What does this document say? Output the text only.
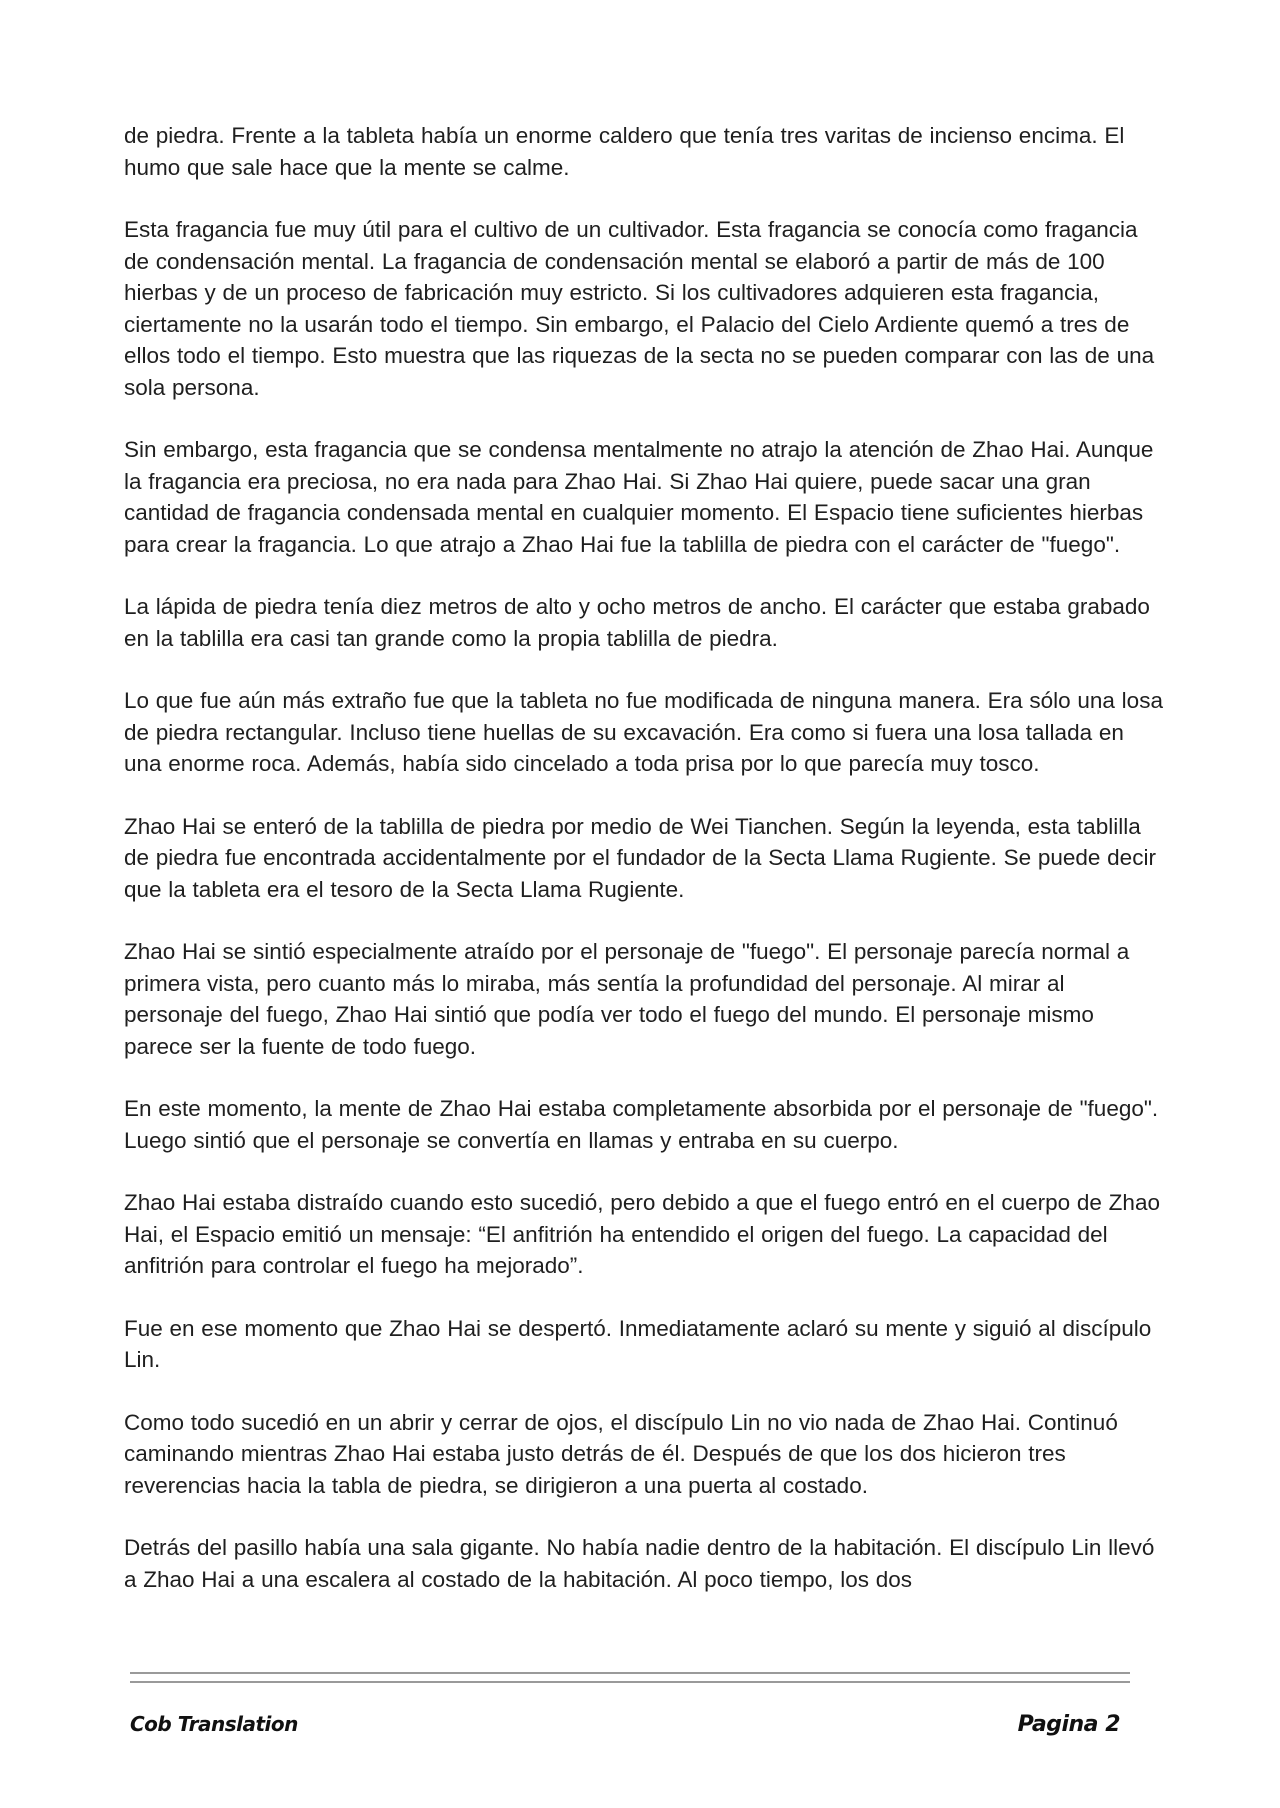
de piedra. Frente a la tableta había un enorme caldero que tenía tres varitas de incienso encima. El humo que sale hace que la mente se calme.

Esta fragancia fue muy útil para el cultivo de un cultivador. Esta fragancia se conocía como fragancia de condensación mental. La fragancia de condensación mental se elaboró a partir de más de 100 hierbas y de un proceso de fabricación muy estricto. Si los cultivadores adquieren esta fragancia, ciertamente no la usarán todo el tiempo. Sin embargo, el Palacio del Cielo Ardiente quemó a tres de ellos todo el tiempo. Esto muestra que las riquezas de la secta no se pueden comparar con las de una sola persona.

Sin embargo, esta fragancia que se condensa mentalmente no atrajo la atención de Zhao Hai. Aunque la fragancia era preciosa, no era nada para Zhao Hai. Si Zhao Hai quiere, puede sacar una gran cantidad de fragancia condensada mental en cualquier momento. El Espacio tiene suficientes hierbas para crear la fragancia. Lo que atrajo a Zhao Hai fue la tablilla de piedra con el carácter de "fuego".

La lápida de piedra tenía diez metros de alto y ocho metros de ancho. El carácter que estaba grabado en la tablilla era casi tan grande como la propia tablilla de piedra.

Lo que fue aún más extraño fue que la tableta no fue modificada de ninguna manera. Era sólo una losa de piedra rectangular. Incluso tiene huellas de su excavación. Era como si fuera una losa tallada en una enorme roca. Además, había sido cincelado a toda prisa por lo que parecía muy tosco.

Zhao Hai se enteró de la tablilla de piedra por medio de Wei Tianchen. Según la leyenda, esta tablilla de piedra fue encontrada accidentalmente por el fundador de la Secta Llama Rugiente. Se puede decir que la tableta era el tesoro de la Secta Llama Rugiente.

Zhao Hai se sintió especialmente atraído por el personaje de "fuego". El personaje parecía normal a primera vista, pero cuanto más lo miraba, más sentía la profundidad del personaje. Al mirar al personaje del fuego, Zhao Hai sintió que podía ver todo el fuego del mundo. El personaje mismo parece ser la fuente de todo fuego.

En este momento, la mente de Zhao Hai estaba completamente absorbida por el personaje de "fuego". Luego sintió que el personaje se convertía en llamas y entraba en su cuerpo.

Zhao Hai estaba distraído cuando esto sucedió, pero debido a que el fuego entró en el cuerpo de Zhao Hai, el Espacio emitió un mensaje: “El anfitrión ha entendido el origen del fuego. La capacidad del anfitrión para controlar el fuego ha mejorado”.

Fue en ese momento que Zhao Hai se despertó. Inmediatamente aclaró su mente y siguió al discípulo Lin.

Como todo sucedió en un abrir y cerrar de ojos, el discípulo Lin no vio nada de Zhao Hai. Continuó caminando mientras Zhao Hai estaba justo detrás de él. Después de que los dos hicieron tres reverencias hacia la tabla de piedra, se dirigieron a una puerta al costado.

Detrás del pasillo había una sala gigante. No había nadie dentro de la habitación. El discípulo Lin llevó a Zhao Hai a una escalera al costado de la habitación. Al poco tiempo, los dos

Cob Translation	Pagina 2
